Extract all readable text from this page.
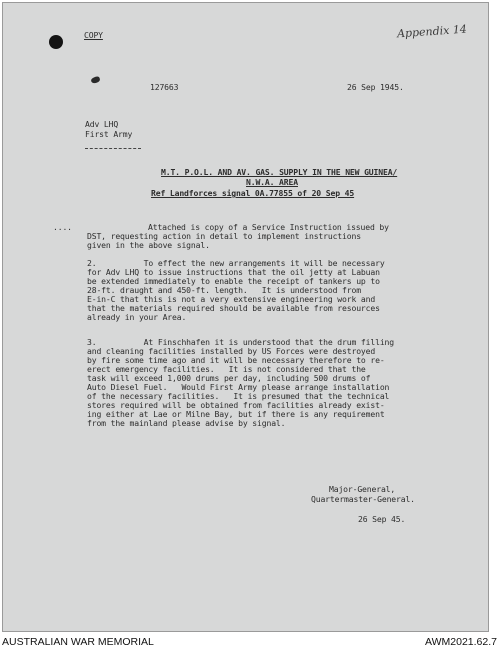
COPY	Appendix 14
127663	26 Sep 1945.
Adv LHQ
First Army
M.T. P.O.L. AND AV. GAS. SUPPLY IN THE NEW GUINEA/
N.W.A. AREA
Ref Landforces signal 0A.77855 of 20 Sep 45
....	Attached is copy of a Service Instruction issued by
DST, requesting action in detail to implement instructions
given in the above signal.
2.          To effect the new arrangements it will be necessary
for Adv LHQ to issue instructions that the oil jetty at Labuan
be extended immediately to enable the receipt of tankers up to
28-ft. draught and 450-ft. length.   It is understood from
E-in-C that this is not a very extensive engineering work and
that the materials required should be available from resources
already in your Area.
3.          At Finschhafen it is understood that the drum filling
and cleaning facilities installed by US Forces were destroyed
by fire some time ago and it will be necessary therefore to re-
erect emergency facilities.   It is not considered that the
task will exceed 1,000 drums per day, including 500 drums of
Auto Diesel Fuel.   Would First Army please arrange installation
of the necessary facilities.   It is presumed that the technical
stores required will be obtained from facilities already exist-
ing either at Lae or Milne Bay, but if there is any requirement
from the mainland please advise by signal.
Major-General,
Quartermaster-General.
26 Sep 45.
AUSTRALIAN WAR MEMORIAL	AWM2021.62.7
